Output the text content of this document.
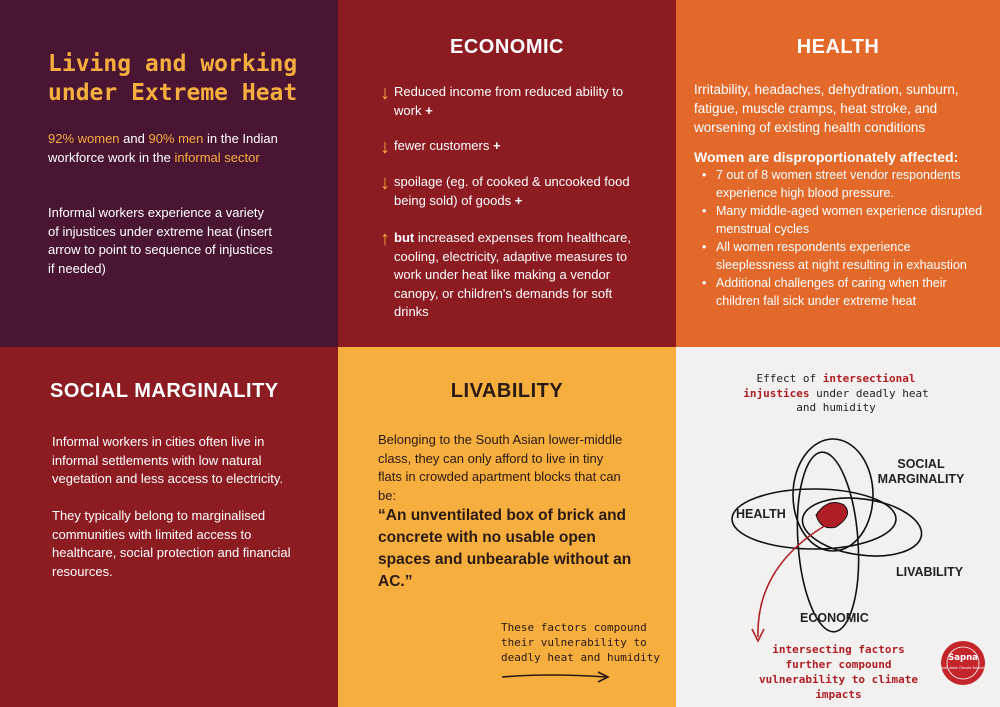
Living and working under Extreme Heat
92% women and 90% men in the Indian workforce work in the informal sector
Informal workers experience a variety of injustices under extreme heat (insert arrow to point to sequence of injustices if needed)
ECONOMIC
↓ Reduced income from reduced ability to work +
↓ fewer customers +
↓ spoilage (eg. of cooked & uncooked food being sold) of goods +
↑ but increased expenses from healthcare, cooling, electricity, adaptive measures to work under heat like making a vendor canopy, or children's demands for soft drinks
HEALTH
Irritability, headaches, dehydration, sunburn, fatigue, muscle cramps, heat stroke, and worsening of existing health conditions
Women are disproportionately affected:
• 7 out of 8 women street vendor respondents experience high blood pressure.
• Many middle-aged women experience disrupted menstrual cycles
• All women respondents experience sleeplessness at night resulting in exhaustion
• Additional challenges of caring when their children fall sick under extreme heat
SOCIAL MARGINALITY
Informal workers in cities often live in informal settlements with low natural vegetation and less access to electricity.
They typically belong to marginalised communities with limited access to healthcare, social protection and financial resources.
LIVABILITY
Belonging to the South Asian lower-middle class, they can only afford to live in tiny flats in crowded apartment blocks that can be:
“An unventilated box of brick and concrete with no usable open spaces and unbearable without an AC.”
These factors compound their vulnerability to deadly heat and humidity
Effect of intersectional injustices under deadly heat and humidity
Sapna
South Asian Climate Solutions
HEALTH
SOCIAL MARGINALITY
LIVABILITY
ECONOMIC
intersecting factors further compound vulnerability to climate impacts
